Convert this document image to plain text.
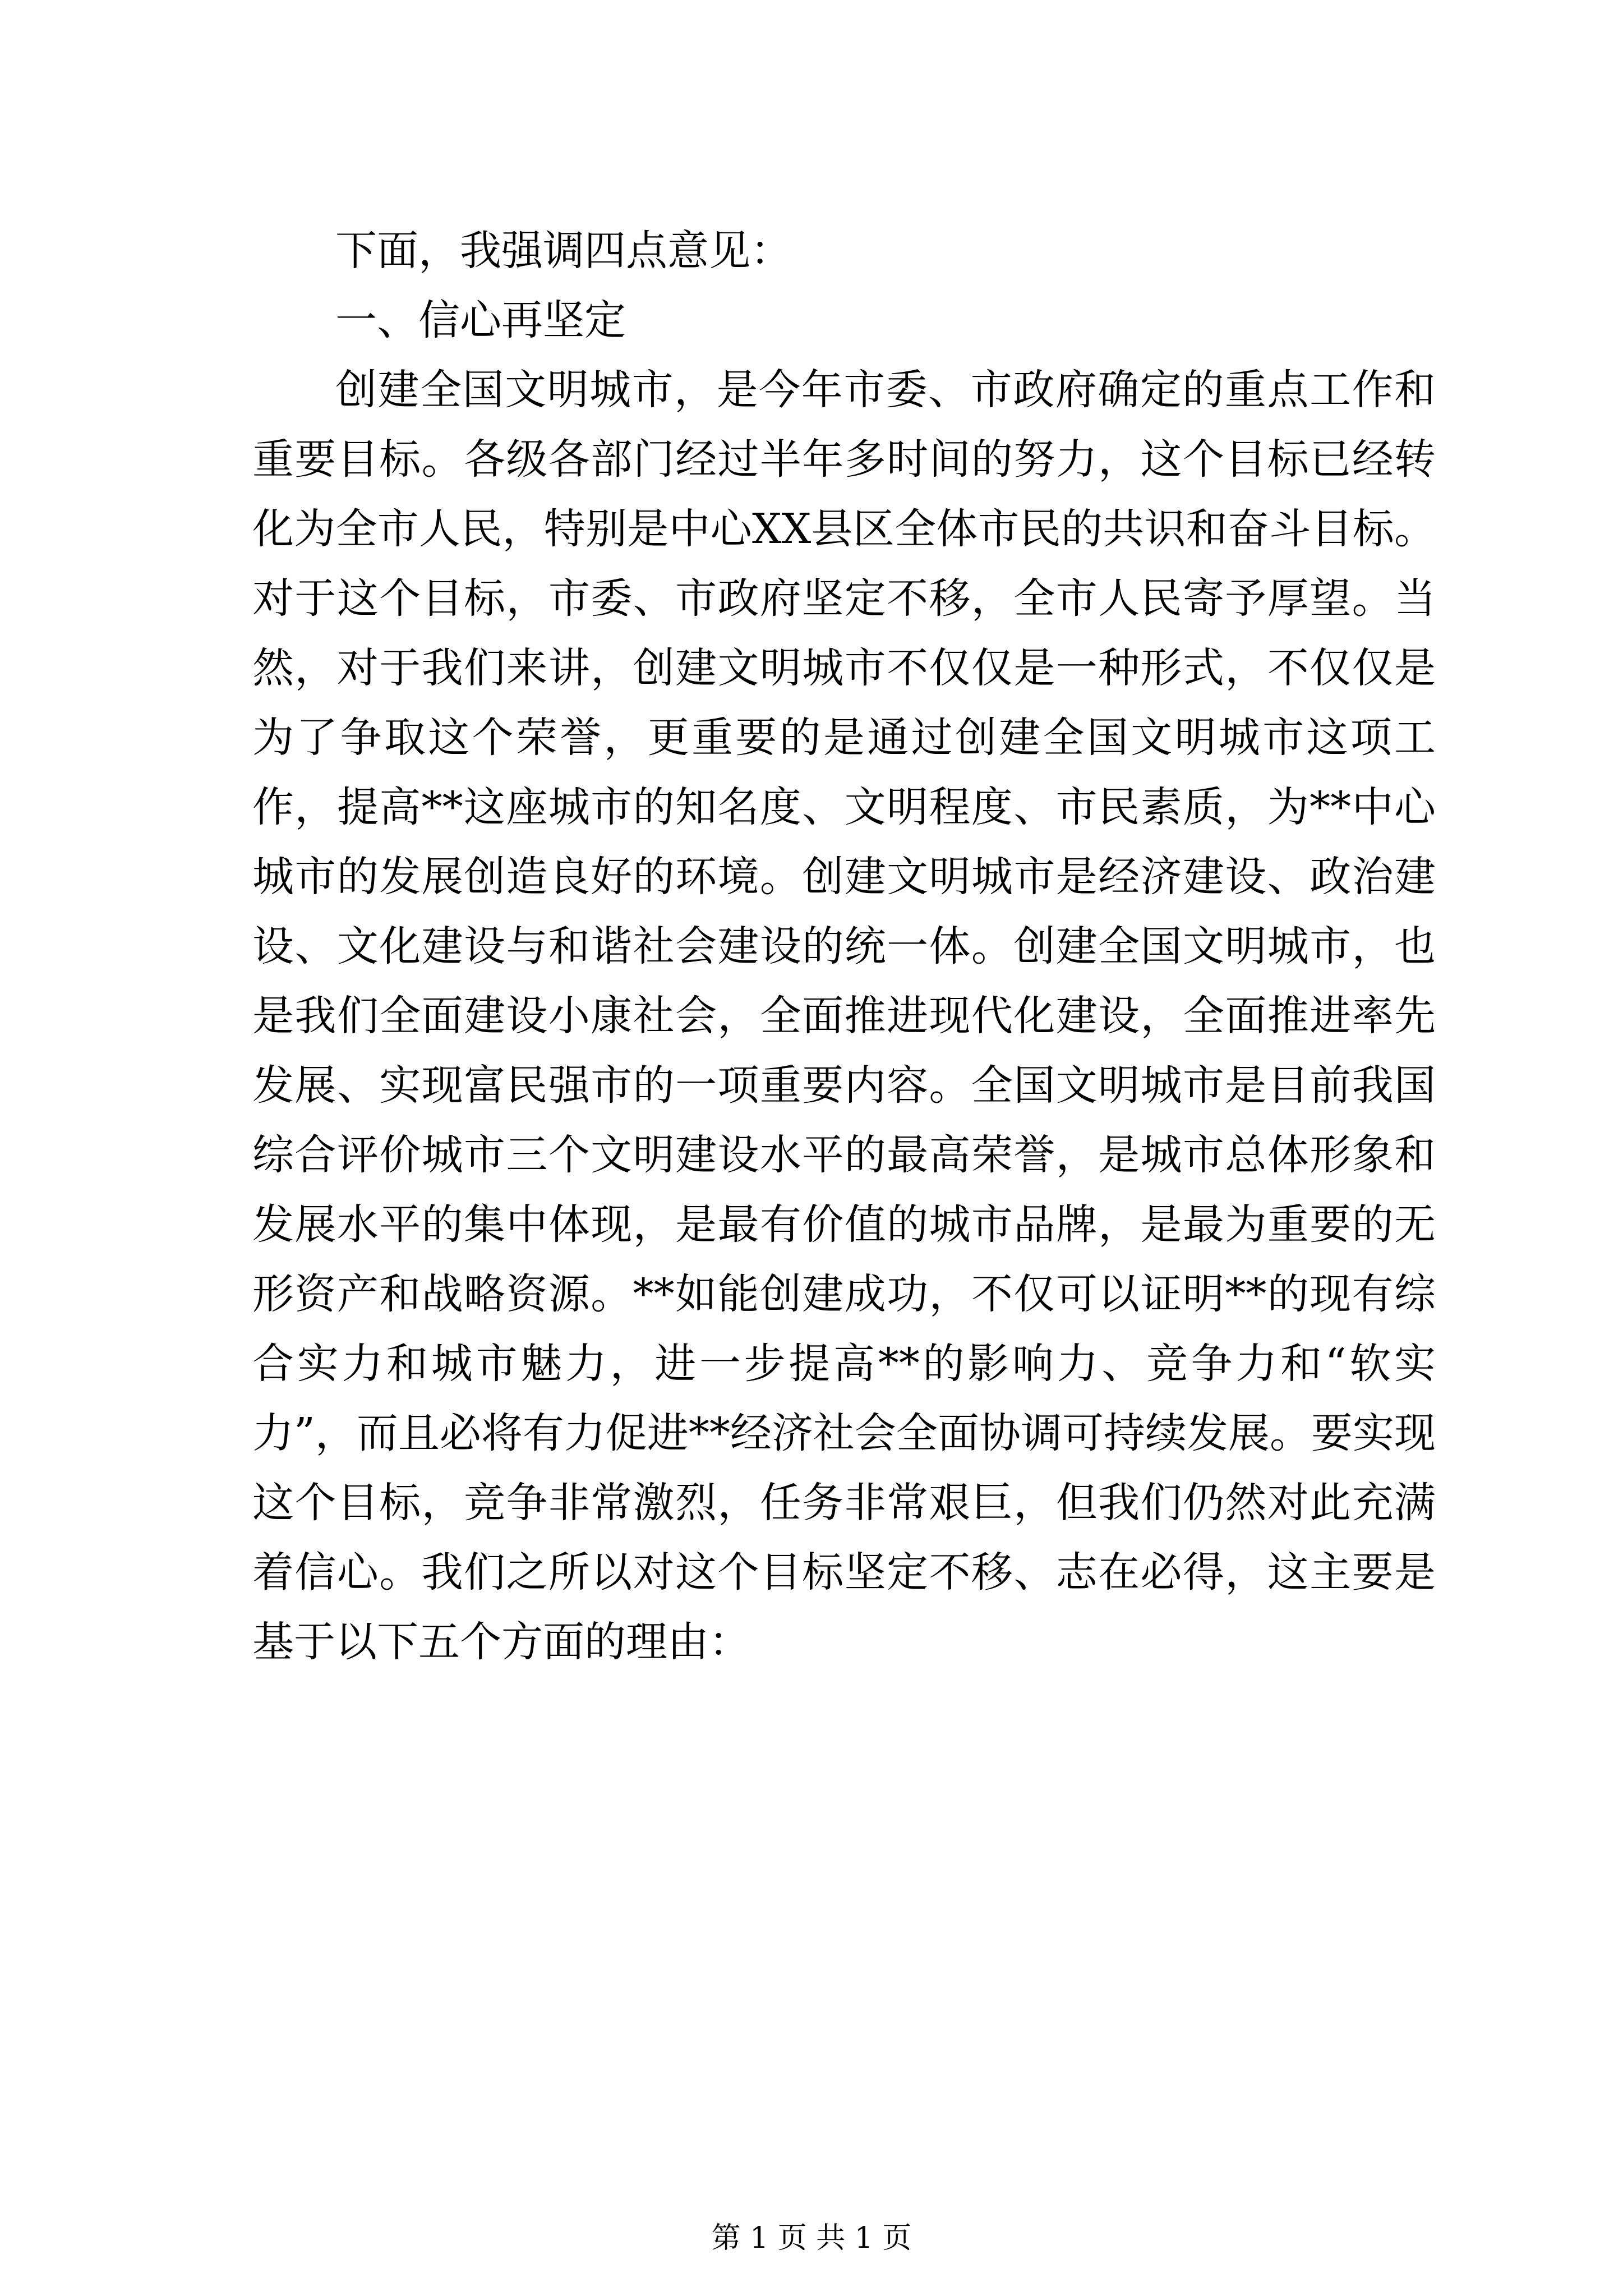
下面，我强调四点意见：

一、信心再坚定

创建全国文明城市，是今年市委、市政府确定的重点工作和重要目标。各级各部门经过半年多时间的努力，这个目标已经转化为全市人民，特别是中心XX县区全体市民的共识和奋斗目标。对于这个目标，市委、市政府坚定不移，全市人民寄予厚望。当然，对于我们来讲，创建文明城市不仅仅是一种形式，不仅仅是为了争取这个荣誉，更重要的是通过创建全国文明城市这项工作，提高**这座城市的知名度、文明程度、市民素质，为**中心城市的发展创造良好的环境。创建文明城市是经济建设、政治建设、文化建设与和谐社会建设的统一体。创建全国文明城市，也是我们全面建设小康社会，全面推进现代化建设，全面推进率先发展、实现富民强市的一项重要内容。全国文明城市是目前我国综合评价城市三个文明建设水平的最高荣誉，是城市总体形象和发展水平的集中体现，是最有价值的城市品牌，是最为重要的无形资产和战略资源。**如能创建成功，不仅可以证明**的现有综合实力和城市魅力，进一步提高**的影响力、竞争力和“软实力”，而且必将有力促进**经济社会全面协调可持续发展。要实现这个目标，竞争非常激烈，任务非常艰巨，但我们仍然对此充满着信心。我们之所以对这个目标坚定不移、志在必得，这主要是基于以下五个方面的理由：

第 1 页 共 1 页
